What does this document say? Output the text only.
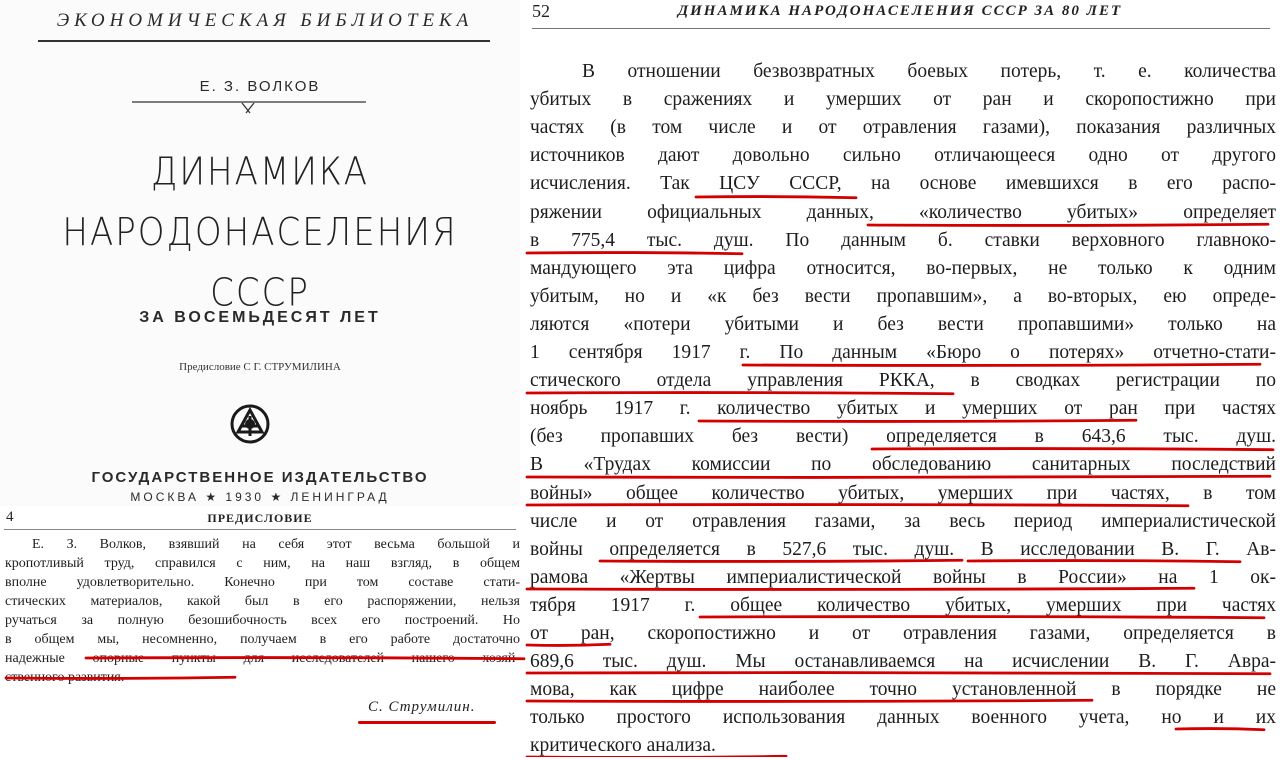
ЭКОНОМИЧЕСКАЯ БИБЛИОТЕКА
Е. З. ВОЛКОВ
ДИНАМИКА
НАРОДОНАСЕЛЕНИЯ
СССР
ЗА ВОСЕМЬДЕСЯТ ЛЕТ
Предисловие С Г. СТРУМИЛИНА
ГОСУДАРСТВЕННОЕ ИЗДАТЕЛЬСТВО
МОСКВА ★ 1930 ★ ЛЕНИНГРАД
4	ПРЕДИСЛОВИЕ
Е. З. Волков, взявший на себя этот весьма большой и
кропотливый труд, справился с ним, на наш взгляд, в общем
вполне удовлетворительно. Конечно при том составе стати-
стических материалов, какой был в его распоряжении, нельзя
ручаться за полную безошибочность всех его построений. Но
в общем мы, несомненно, получаем в его работе достаточно
надежные опорные пункты для исследователей нашего хозяй-
ственного развития.
С. Струмилин.
52	ДИНАМИКА НАРОДОНАСЕЛЕНИЯ СССР ЗА 80 ЛЕТ
В отношении безвозвратных боевых потерь, т. е. количества
убитых в сражениях и умерших от ран и скоропостижно при
частях (в том числе и от отравления газами), показания различных
источников дают довольно сильно отличающееся одно от другого
исчисления. Так ЦСУ СССР, на основе имевшихся в его распо-
ряжении официальных данных, «количество убитых» определяет
в 775,4 тыс. душ. По данным б. ставки верховного главноко-
мандующего эта цифра относится, во-первых, не только к одним
убитым, но и «к без вести пропавшим», а во-вторых, ею опреде-
ляются «потери убитыми и без вести пропавшими» только на
1 сентября 1917 г. По данным «Бюро о потерях» отчетно-стати-
стического отдела управления РККА, в сводках регистрации по
ноябрь 1917 г. количество убитых и умерших от ран при частях
(без пропавших без вести) определяется в 643,6 тыс. душ.
В «Трудах комиссии по обследованию санитарных последствий
войны» общее количество убитых, умерших при частях, в том
числе и от отравления газами, за весь период империалистической
войны определяется в 527,6 тыс. душ. В исследовании В. Г. Ав-
рамова «Жертвы империалистической войны в России» на 1 ок-
тября 1917 г. общее количество убитых, умерших при частях
от ран, скоропостижно и от отравления газами, определяется в
689,6 тыс. душ. Мы останавливаемся на исчислении В. Г. Авра-
мова, как цифре наиболее точно установленной в порядке не
только простого использования данных военного учета, но и их
критического анализа.
